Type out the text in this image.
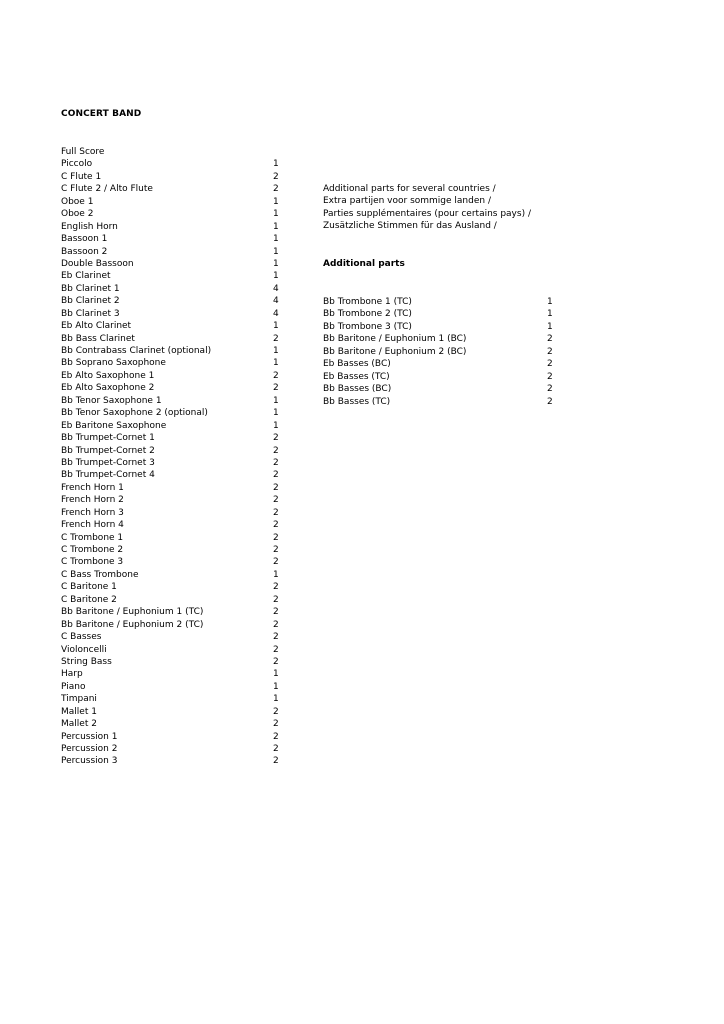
CONCERT BAND
Full Score
Piccolo	1
C Flute 1	2
C Flute 2 / Alto Flute	2
Oboe 1	1
Oboe 2	1
English Horn	1
Bassoon 1	1
Bassoon 2	1
Double Bassoon	1
Eb Clarinet	1
Bb Clarinet 1	4
Bb Clarinet 2	4
Bb Clarinet 3	4
Eb Alto Clarinet	1
Bb Bass Clarinet	2
Bb Contrabass Clarinet (optional)	1
Bb Soprano Saxophone	1
Eb Alto Saxophone 1	2
Eb Alto Saxophone 2	2
Bb Tenor Saxophone 1	1
Bb Tenor Saxophone 2 (optional)	1
Eb Baritone Saxophone	1
Bb Trumpet-Cornet 1	2
Bb Trumpet-Cornet 2	2
Bb Trumpet-Cornet 3	2
Bb Trumpet-Cornet 4	2
French Horn 1	2
French Horn 2	2
French Horn 3	2
French Horn 4	2
C Trombone 1	2
C Trombone 2	2
C Trombone 3	2
C Bass Trombone	1
C Baritone 1	2
C Baritone 2	2
Bb Baritone / Euphonium 1 (TC)	2
Bb Baritone / Euphonium 2 (TC)	2
C Basses	2
Violoncelli	2
String Bass	2
Harp	1
Piano	1
Timpani	1
Mallet 1	2
Mallet 2	2
Percussion 1	2
Percussion 2	2
Percussion 3	2
Additional parts for several countries /
Extra partijen voor sommige landen /
Parties supplémentaires (pour certains pays) /
Zusätzliche Stimmen für das Ausland /
Additional parts
Bb Trombone 1 (TC)	1
Bb Trombone 2 (TC)	1
Bb Trombone 3 (TC)	1
Bb Baritone / Euphonium 1 (BC)	2
Bb Baritone / Euphonium 2 (BC)	2
Eb Basses (BC)	2
Eb Basses (TC)	2
Bb Basses (BC)	2
Bb Basses (TC)	2
